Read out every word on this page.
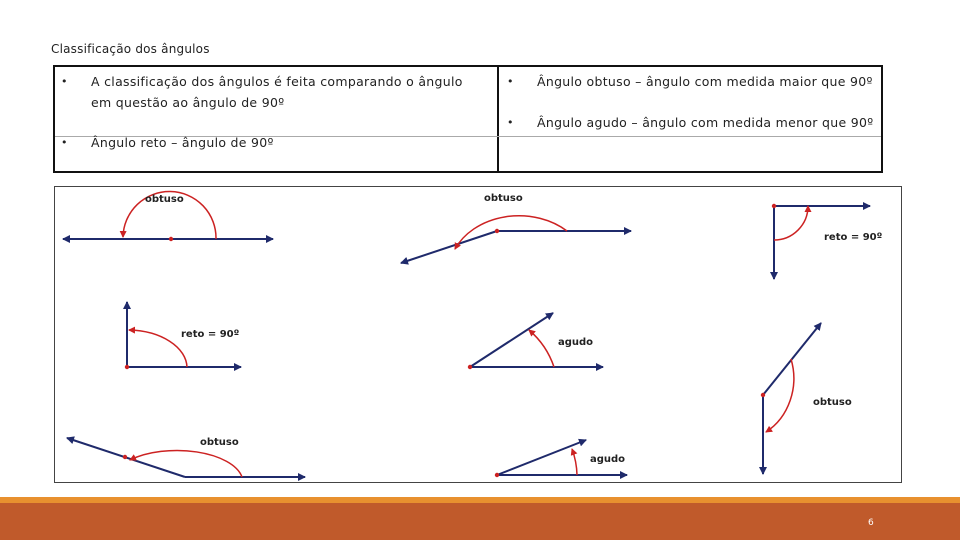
Classificação dos ângulos
•	A classificação dos ângulos é feita comparando o ângulo em questão ao ângulo de 90º
•	Ângulo reto – ângulo de 90º
•	Ângulo obtuso – ângulo com medida maior que 90º
•	Ângulo agudo – ângulo com medida menor que 90º
obtuso	obtuso
reto = 90º
reto = 90º
agudo
obtuso
obtuso
agudo
6
